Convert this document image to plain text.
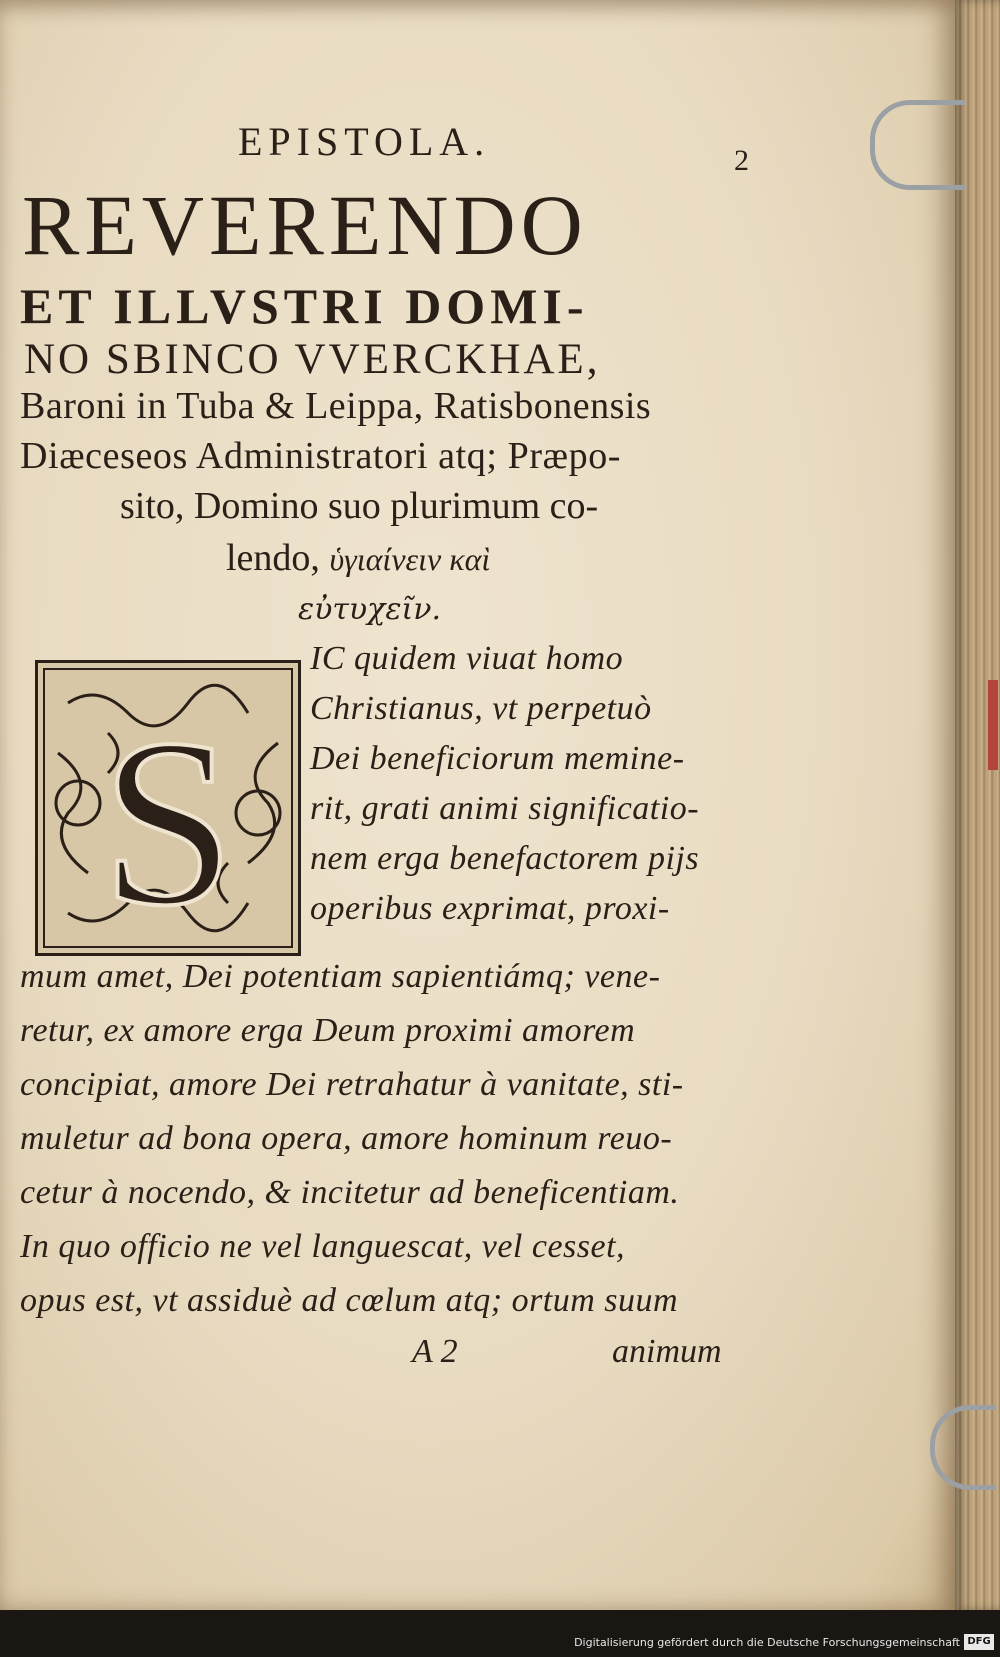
EPISTOLA.	2
REVERENDO
ET ILLVSTRI DOMI-
NO SBINCO VVERCKHAE,
Baroni in Tuba & Leippa, Ratisbonensis
Diæceseos Administratori atq; Præpo-
sito, Domino suo plurimum co-
lendo, ὑγιαίνειν καὶ
εὐτυχεῖν.
S
IC quidem viuat homo
Christianus, vt perpetuò
Dei beneficiorum memine-
rit, grati animi significatio-
nem erga benefactorem pijs
operibus exprimat, proxi-
mum amet, Dei potentiam sapientiámq; vene-
retur, ex amore erga Deum proximi amorem
concipiat, amore Dei retrahatur à vanitate, sti-
muletur ad bona opera, amore hominum reuo-
cetur à nocendo, & incitetur ad beneficentiam.
In quo officio ne vel languescat, vel cesset,
opus est, vt assiduè ad cœlum atq; ortum suum
A 2	animum
Digitalisierung gefördert durch die Deutsche Forschungsgemeinschaft DFG
